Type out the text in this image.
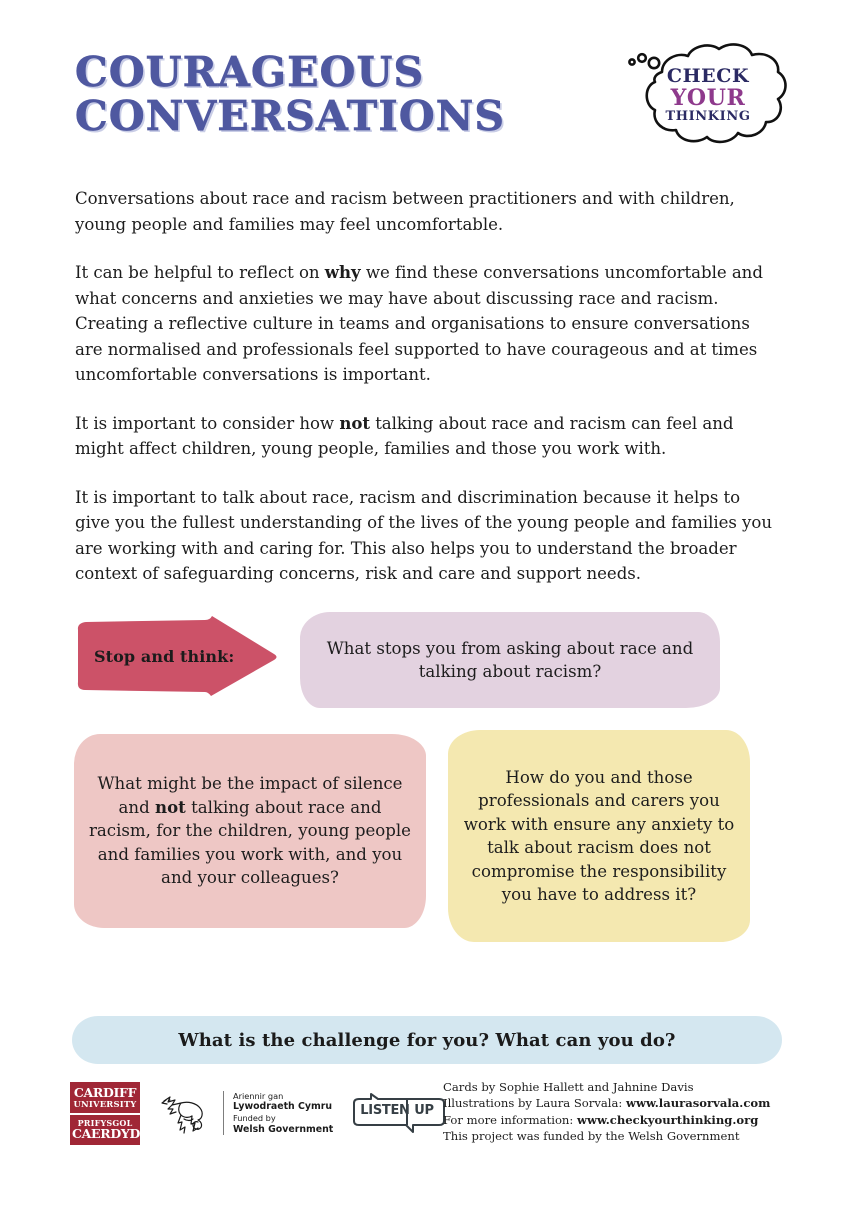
COURAGEOUS
CONVERSATIONS
CHECK
YOUR
THINKING

Conversations about race and racism between practitioners and with children, young people and families may feel uncomfortable.

It can be helpful to reflect on why we find these conversations uncomfortable and what concerns and anxieties we may have about discussing race and racism. Creating a reflective culture in teams and organisations to ensure conversations are normalised and professionals feel supported to have courageous and at times uncomfortable conversations is important.

It is important to consider how not talking about race and racism can feel and might affect children, young people, families and those you work with.

It is important to talk about race, racism and discrimination because it helps to give you the fullest understanding of the lives of the young people and families you are working with and caring for. This also helps you to understand the broader context of safeguarding concerns, risk and care and support needs.

Stop and think:	What stops you from asking about race and talking about racism?
What might be the impact of silence and not talking about race and racism, for the children, young people and families you work with, and you and your colleagues?
How do you and those professionals and carers you work with ensure any anxiety to talk about racism does not compromise the responsibility you have to address it?
What is the challenge for you? What can you do?
CARDIFF
UNIVERSITY
PRIFYSGOL
CAERDYDD
Ariennir gan
Lywodraeth Cymru
Funded by
Welsh Government
LISTEN UP
Cards by Sophie Hallett and Jahnine Davis
Illustrations by Laura Sorvala: www.laurasorvala.com
For more information: www.checkyourthinking.org
This project was funded by the Welsh Government
